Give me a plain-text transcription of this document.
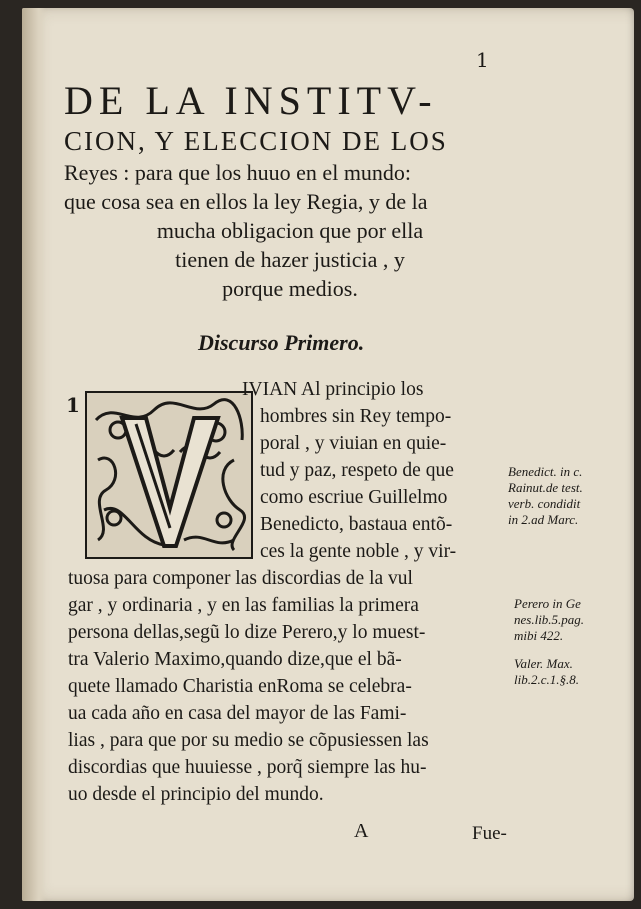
1
DE LA INSTITV-
CION, Y ELECCION DE LOS
Reyes : para que los huuo en el mundo:
que cosa sea en ellos la ley Regia, y de la
mucha obligacion que por ella
tienen de hazer justicia , y
porque medios.
Discurso Primero.
1
IVIAN Al principio los
hombres sin Rey tempo-
poral , y viuian en quie-
tud y paz, respeto de que
como escriue Guillelmo
Benedicto, bastaua entõ-
ces la gente noble , y vir-
tuosa para componer las discordias de la vul
gar , y ordinaria , y en las familias la primera
persona dellas,segũ lo dize Perero,y lo muest-
tra Valerio Maximo,quando dize,que el bã-
quete llamado Charistia enRoma se celebra-
ua cada año en casa del mayor de las Fami-
lias , para que por su medio se cõpusiessen las
discordias que huuiesse , porq̃ siempre las hu-
uo desde el principio del mundo.
Benedict. in c.
Rainut.de test.
verb. condidit
in 2.ad Marc.
Perero in Ge
nes.lib.5.pag.
mibi 422.
Valer. Max.
lib.2.c.1.§.8.
A	Fue-
